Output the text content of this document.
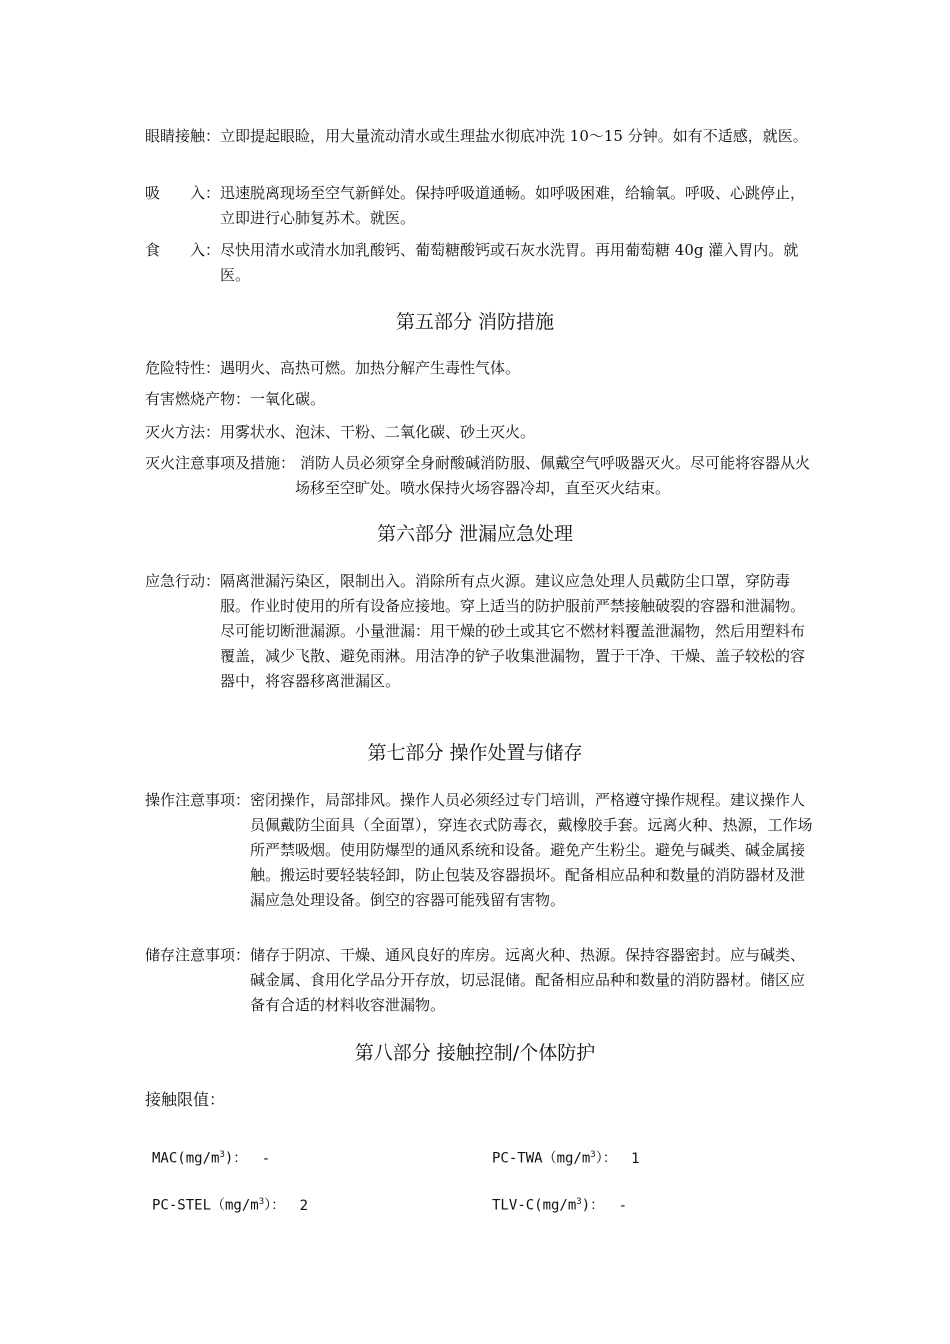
眼睛接触： 立即提起眼睑，用大量流动清水或生理盐水彻底冲洗 10～15 分钟。如有不适感，就医。
吸　　入： 迅速脱离现场至空气新鲜处。保持呼吸道通畅。如呼吸困难，给输氧。呼吸、心跳停止，立即进行心肺复苏术。就医。
食　　入： 尽快用清水或清水加乳酸钙、葡萄糖酸钙或石灰水洗胃。再用葡萄糖 40g 灌入胃内。就医。
第五部分 消防措施
危险特性： 遇明火、高热可燃。加热分解产生毒性气体。
有害燃烧产物： 一氧化碳。
灭火方法： 用雾状水、泡沫、干粉、二氧化碳、砂土灭火。
灭火注意事项及措施： 消防人员必须穿全身耐酸碱消防服、佩戴空气呼吸器灭火。尽可能将容器从火场移至空旷处。喷水保持火场容器冷却，直至灭火结束。
第六部分 泄漏应急处理
应急行动： 隔离泄漏污染区，限制出入。消除所有点火源。建议应急处理人员戴防尘口罩，穿防毒服。作业时使用的所有设备应接地。穿上适当的防护服前严禁接触破裂的容器和泄漏物。尽可能切断泄漏源。小量泄漏：用干燥的砂土或其它不燃材料覆盖泄漏物，然后用塑料布覆盖，减少飞散、避免雨淋。用洁净的铲子收集泄漏物，置于干净、干燥、盖子较松的容器中，将容器移离泄漏区。
第七部分 操作处置与储存
操作注意事项： 密闭操作，局部排风。操作人员必须经过专门培训，严格遵守操作规程。建议操作人员佩戴防尘面具（全面罩），穿连衣式防毒衣，戴橡胶手套。远离火种、热源，工作场所严禁吸烟。使用防爆型的通风系统和设备。避免产生粉尘。避免与碱类、碱金属接触。搬运时要轻装轻卸，防止包装及容器损坏。配备相应品种和数量的消防器材及泄漏应急处理设备。倒空的容器可能残留有害物。
储存注意事项： 储存于阴凉、干燥、通风良好的库房。远离火种、热源。保持容器密封。应与碱类、碱金属、食用化学品分开存放，切忌混储。配备相应品种和数量的消防器材。储区应备有合适的材料收容泄漏物。
第八部分 接触控制/个体防护
接触限值：
$MAC(mg/m^3)$： -	$PC-TWA(mg/m^3)$： 1
$PC-STEL(mg/m^3)$： 2	TLV-$C(mg/m^3)$： -
